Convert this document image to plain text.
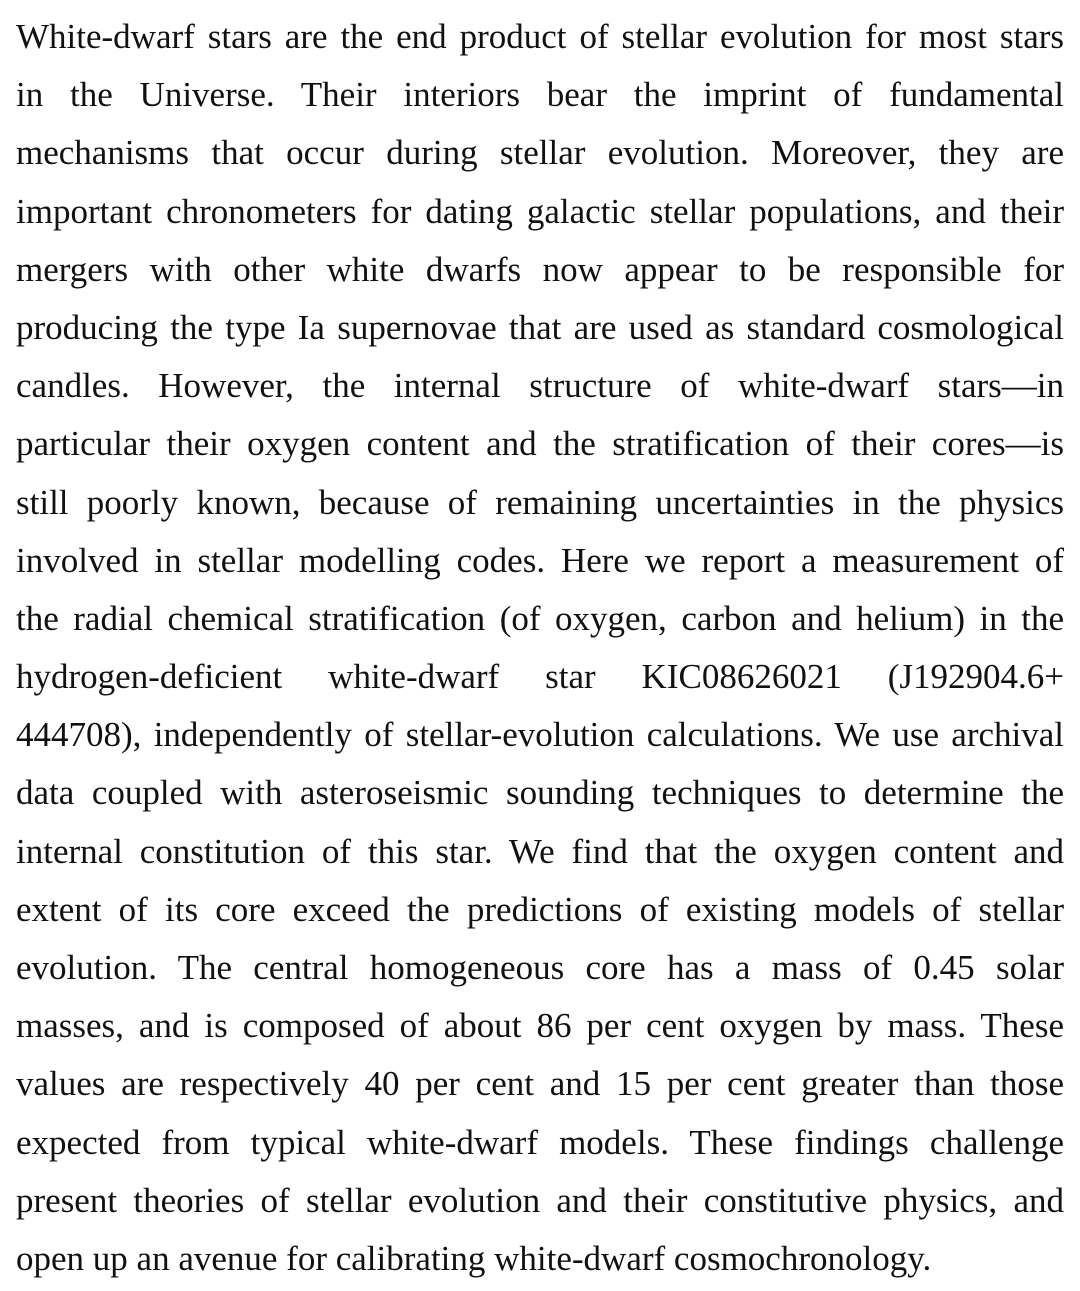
White-dwarf stars are the end product of stellar evolution for most stars
in the Universe. Their interiors bear the imprint of fundamental
mechanisms that occur during stellar evolution. Moreover, they are
important chronometers for dating galactic stellar populations, and their
mergers with other white dwarfs now appear to be responsible for
producing the type Ia supernovae that are used as standard cosmological
candles. However, the internal structure of white-dwarf stars—in
particular their oxygen content and the stratification of their cores—is
still poorly known, because of remaining uncertainties in the physics
involved in stellar modelling codes. Here we report a measurement of
the radial chemical stratification (of oxygen, carbon and helium) in the
hydrogen-deficient white-dwarf star KIC08626021 (J192904.6+
444708), independently of stellar-evolution calculations. We use archival
data coupled with asteroseismic sounding techniques to determine the
internal constitution of this star. We find that the oxygen content and
extent of its core exceed the predictions of existing models of stellar
evolution. The central homogeneous core has a mass of 0.45 solar
masses, and is composed of about 86 per cent oxygen by mass. These
values are respectively 40 per cent and 15 per cent greater than those
expected from typical white-dwarf models. These findings challenge
present theories of stellar evolution and their constitutive physics, and
open up an avenue for calibrating white-dwarf cosmochronology.
